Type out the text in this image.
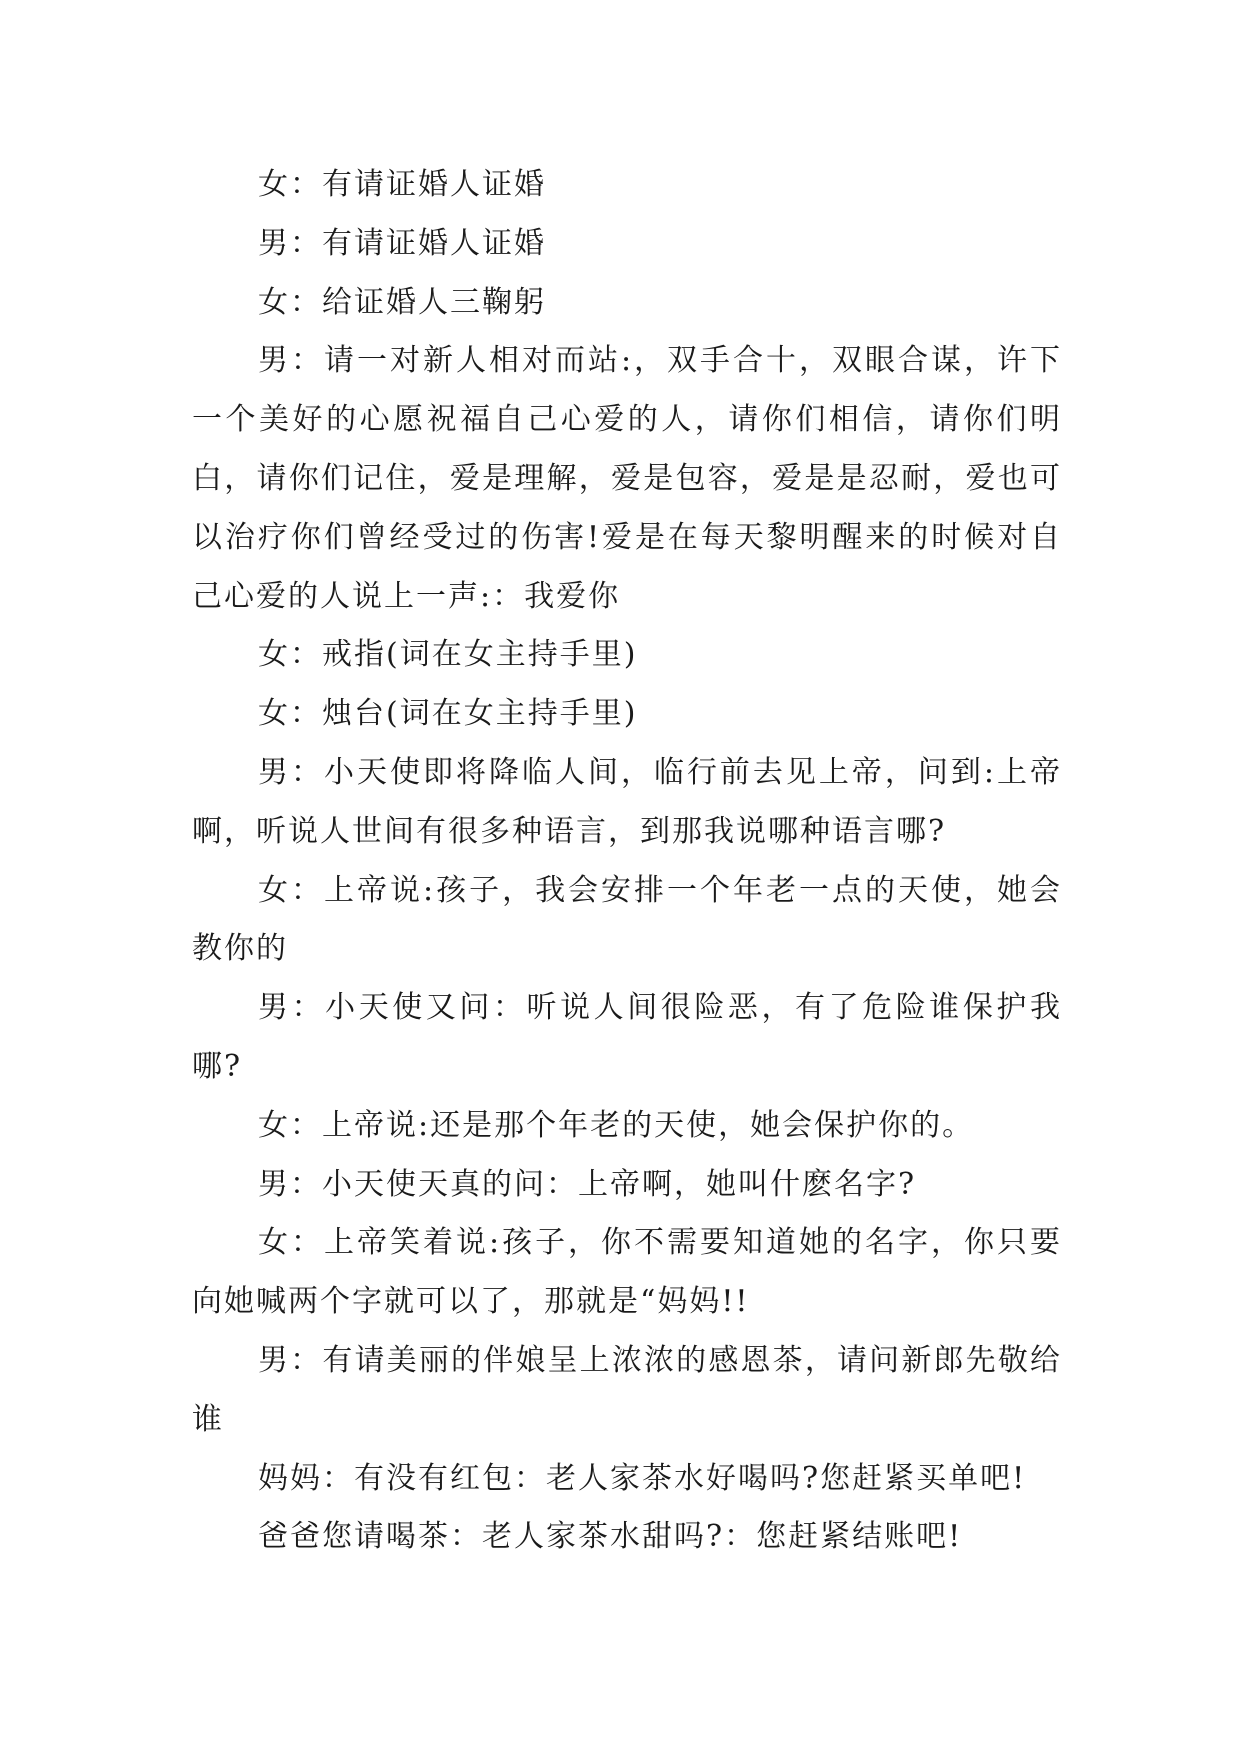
女：有请证婚人证婚

男：有请证婚人证婚

女：给证婚人三鞠躬

男：请一对新人相对而站:，双手合十，双眼合谋，许下一个美好的心愿祝福自己心爱的人，请你们相信，请你们明白，请你们记住，爱是理解，爱是包容，爱是是忍耐，爱也可以治疗你们曾经受过的伤害!爱是在每天黎明醒来的时候对自己心爱的人说上一声:：我爱你

女：戒指(词在女主持手里)

女：烛台(词在女主持手里)

男：小天使即将降临人间，临行前去见上帝，问到:上帝啊，听说人世间有很多种语言，到那我说哪种语言哪?

女：上帝说:孩子，我会安排一个年老一点的天使，她会教你的

男：小天使又问：听说人间很险恶，有了危险谁保护我哪?

女：上帝说:还是那个年老的天使，她会保护你的。

男：小天使天真的问：上帝啊，她叫什麽名字?

女：上帝笑着说:孩子，你不需要知道她的名字，你只要向她喊两个字就可以了，那就是“妈妈!!

男：有请美丽的伴娘呈上浓浓的感恩茶，请问新郎先敬给谁

妈妈：有没有红包：老人家茶水好喝吗?您赶紧买单吧!

爸爸您请喝茶：老人家茶水甜吗?：您赶紧结账吧!
